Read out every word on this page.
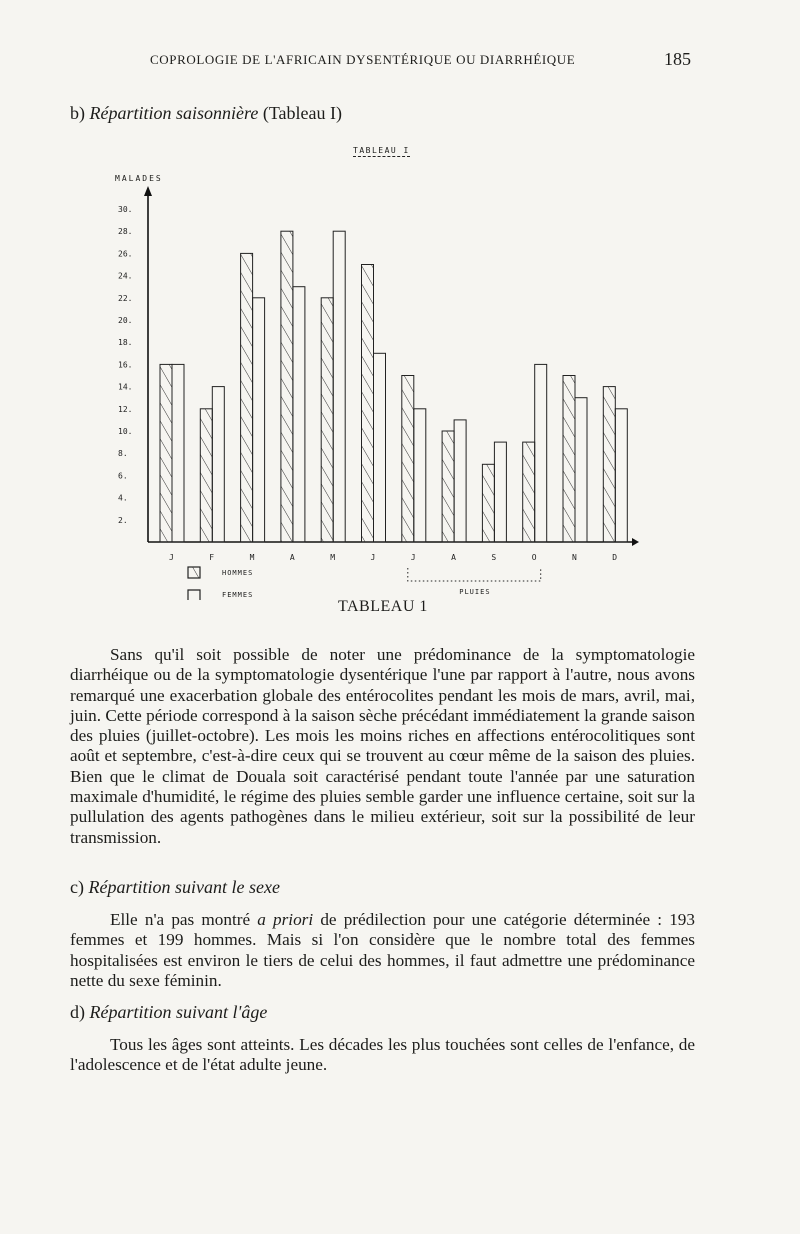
COPROLOGIE DE L'AFRICAIN DYSENTÉRIQUE OU DIARRHÉIQUE	185
b) Répartition saisonnière (Tableau I)
TABLEAU I
MALADES
J	F	M	A	M	J	J	A	S	O	N	D
2.
4.
6.
8.
10.
12.
14.
16.
18.
20.
22.
24.
26.
28.
30.
HOMMES
FEMMES	PLUIES
TABLEAU 1

Sans qu'il soit possible de noter une prédominance de la symptomatologie diarrhéique ou de la symptomatologie dysentérique l'une par rapport à l'autre, nous avons remarqué une exacerbation globale des entérocolites pendant les mois de mars, avril, mai, juin. Cette période correspond à la saison sèche précédant immédiatement la grande saison des pluies (juillet-octobre). Les mois les moins riches en affections entérocolitiques sont août et septembre, c'est-à-dire ceux qui se trouvent au cœur même de la saison des pluies. Bien que le climat de Douala soit caractérisé pendant toute l'année par une saturation maximale d'humidité, le régime des pluies semble garder une influence certaine, soit sur la pullulation des agents pathogènes dans le milieu extérieur, soit sur la possibilité de leur transmission.

c) Répartition suivant le sexe

Elle n'a pas montré a priori de prédilection pour une catégorie déterminée : 193 femmes et 199 hommes. Mais si l'on considère que le nombre total des femmes hospitalisées est environ le tiers de celui des hommes, il faut admettre une prédominance nette du sexe féminin.

d) Répartition suivant l'âge

Tous les âges sont atteints. Les décades les plus touchées sont celles de l'enfance, de l'adolescence et de l'état adulte jeune.
